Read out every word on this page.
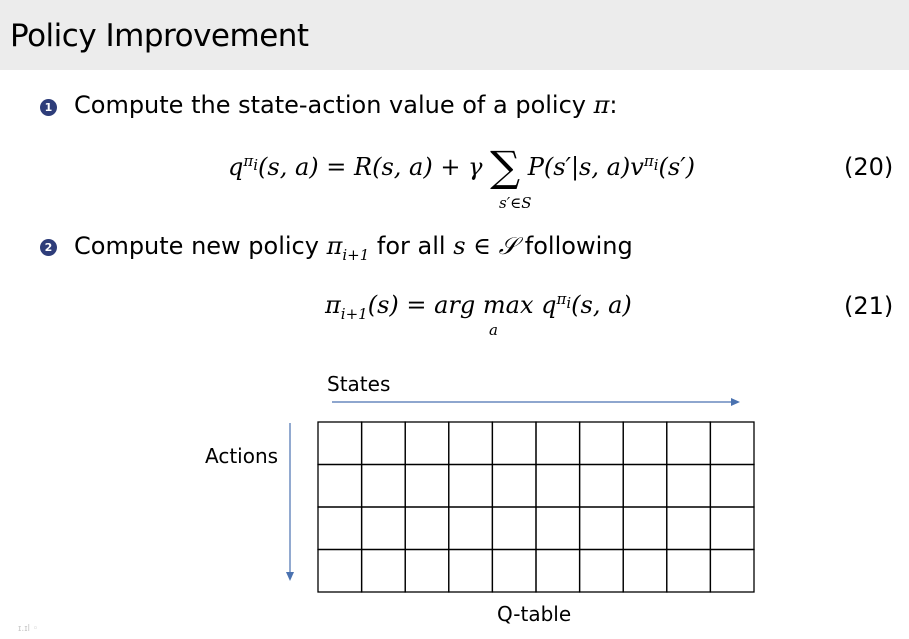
Policy Improvement
1 Compute the state-action value of a policy π:
$q^{\pi_i}(s$, a) = R(s, a) + γ ∑ P(s′|s, $a)v^{\pi_i}(s')$
s′∈S
(20)
2 Compute new policy $\pi_{i+1}$ for all s ∈ 𝒮 following
$\pi_{i+1}(s)$ = arg $\max q^{\pi_i}(s$, a)
a
(21)
States
Actions
Q-table
ɪ.ɪl ◦
